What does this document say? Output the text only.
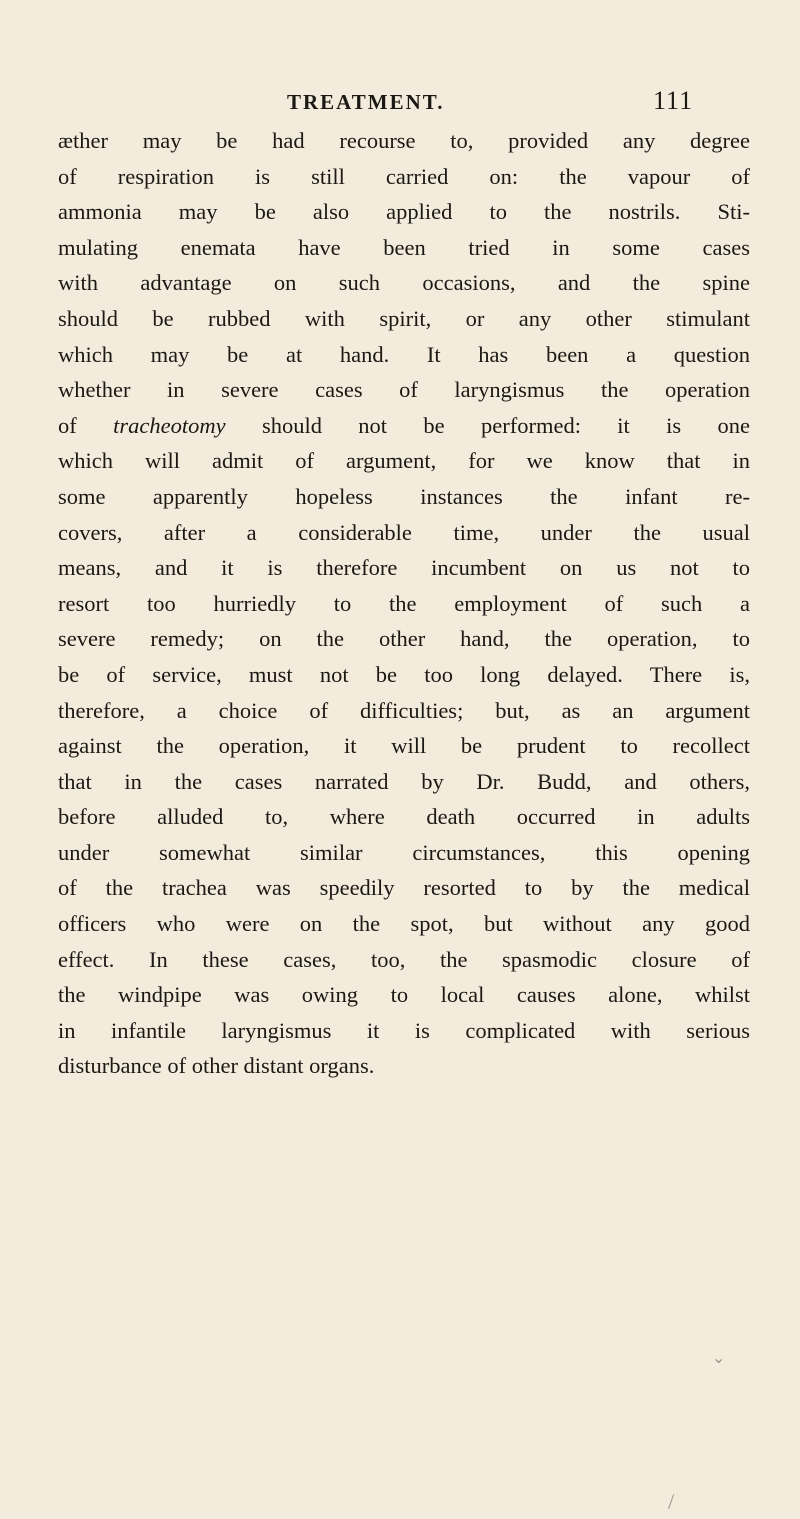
TREATMENT.	111
æther may be had recourse to, provided any degree
of respiration is still carried on: the vapour of
ammonia may be also applied to the nostrils. Sti-
mulating enemata have been tried in some cases
with advantage on such occasions, and the spine
should be rubbed with spirit, or any other stimulant
which may be at hand. It has been a question
whether in severe cases of laryngismus the operation
of tracheotomy should not be performed: it is one
which will admit of argument, for we know that in
some apparently hopeless instances the infant re-
covers, after a considerable time, under the usual
means, and it is therefore incumbent on us not to
resort too hurriedly to the employment of such a
severe remedy; on the other hand, the operation, to
be of service, must not be too long delayed. There is,
therefore, a choice of difficulties; but, as an argument
against the operation, it will be prudent to recollect
that in the cases narrated by Dr. Budd, and others,
before alluded to, where death occurred in adults
under somewhat similar circumstances, this opening
of the trachea was speedily resorted to by the medical
officers who were on the spot, but without any good
effect. In these cases, too, the spasmodic closure of
the windpipe was owing to local causes alone, whilst
in infantile laryngismus it is complicated with serious
disturbance of other distant organs.
⌄
/
